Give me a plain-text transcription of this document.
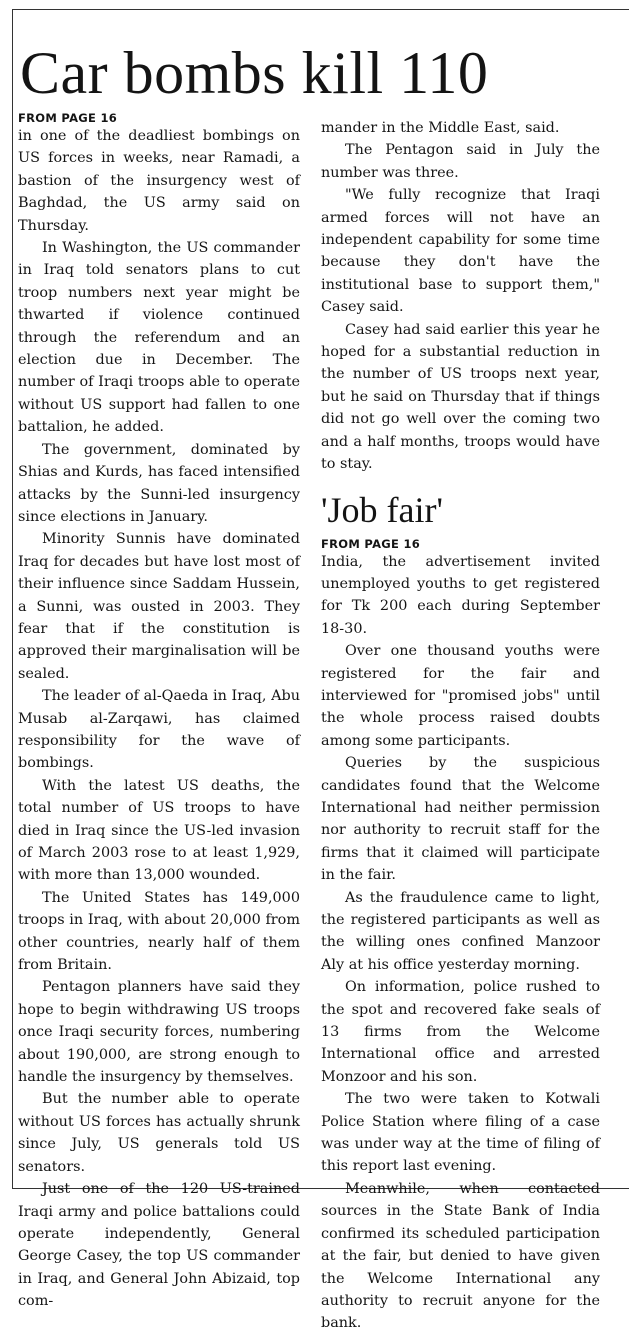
Car bombs kill 110
FROM PAGE 16

in one of the deadliest bombings on US forces in weeks, near Ramadi, a bastion of the insurgency west of Baghdad, the US army said on Thursday.

In Washington, the US commander in Iraq told senators plans to cut troop numbers next year might be thwarted if violence continued through the referendum and an election due in December. The number of Iraqi troops able to operate without US support had fallen to one battalion, he added.

The government, dominated by Shias and Kurds, has faced intensified attacks by the Sunni-led insurgency since elections in January.

Minority Sunnis have dominated Iraq for decades but have lost most of their influence since Saddam Hussein, a Sunni, was ousted in 2003. They fear that if the constitution is approved their marginalisation will be sealed.

The leader of al-Qaeda in Iraq, Abu Musab al-Zarqawi, has claimed responsibility for the wave of bombings.

With the latest US deaths, the total number of US troops to have died in Iraq since the US-led invasion of March 2003 rose to at least 1,929, with more than 13,000 wounded.

The United States has 149,000 troops in Iraq, with about 20,000 from other countries, nearly half of them from Britain.

Pentagon planners have said they hope to begin withdrawing US troops once Iraqi security forces, numbering about 190,000, are strong enough to handle the insurgency by themselves.

But the number able to operate without US forces has actually shrunk since July, US generals told US senators.

Just one of the 120 US-trained Iraqi army and police battalions could operate independently, General George Casey, the top US commander in Iraq, and General John Abizaid, top com-

mander in the Middle East, said.

The Pentagon said in July the number was three.

"We fully recognize that Iraqi armed forces will not have an independent capability for some time because they don't have the institutional base to support them," Casey said.

Casey had said earlier this year he hoped for a substantial reduction in the number of US troops next year, but he said on Thursday that if things did not go well over the coming two and a half months, troops would have to stay.

'Job fair'
FROM PAGE 16

India, the advertisement invited unemployed youths to get registered for Tk 200 each during September 18-30.

Over one thousand youths were registered for the fair and interviewed for "promised jobs" until the whole process raised doubts among some participants.

Queries by the suspicious candidates found that the Welcome International had neither permission nor authority to recruit staff for the firms that it claimed will participate in the fair.

As the fraudulence came to light, the registered participants as well as the willing ones confined Manzoor Aly at his office yesterday morning.

On information, police rushed to the spot and recovered fake seals of 13 firms from the Welcome International office and arrested Monzoor and his son.

The two were taken to Kotwali Police Station where filing of a case was under way at the time of filing of this report last evening.

Meanwhile, when contacted sources in the State Bank of India confirmed its scheduled participation at the fair, but denied to have given the Welcome International any authority to recruit anyone for the bank.
